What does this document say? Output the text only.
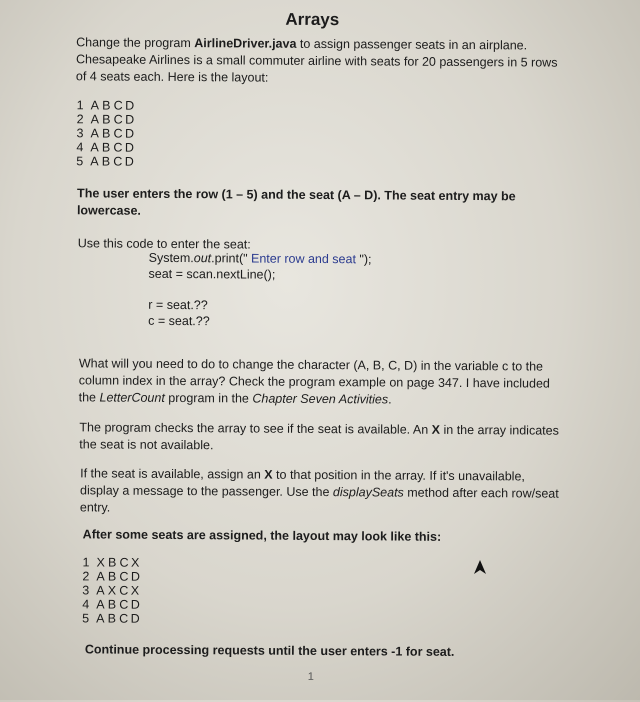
Arrays
Change the program AirlineDriver.java to assign passenger seats in an airplane.
Chesapeake Airlines is a small commuter airline with seats for 20 passengers in 5 rows
of 4 seats each. Here is the layout:
1 A B C D
2 A B C D
3 A B C D
4 A B C D
5 A B C D
The user enters the row (1 – 5) and the seat (A – D). The seat entry may be
lowercase.
Use this code to enter the seat:
System.out.print(" Enter row and seat ");
seat = scan.nextLine();
r = seat.??
c = seat.??
What will you need to do to change the character (A, B, C, D) in the variable c to the
column index in the array? Check the program example on page 347. I have included
the LetterCount program in the Chapter Seven Activities.
The program checks the array to see if the seat is available. An X in the array indicates
the seat is not available.
If the seat is available, assign an X to that position in the array. If it's unavailable,
display a message to the passenger. Use the displaySeats method after each row/seat
entry.
After some seats are assigned, the layout may look like this:
1 X B C X
2 A B C D
3 A X C X
4 A B C D
5 A B C D
Continue processing requests until the user enters -1 for seat.
1
